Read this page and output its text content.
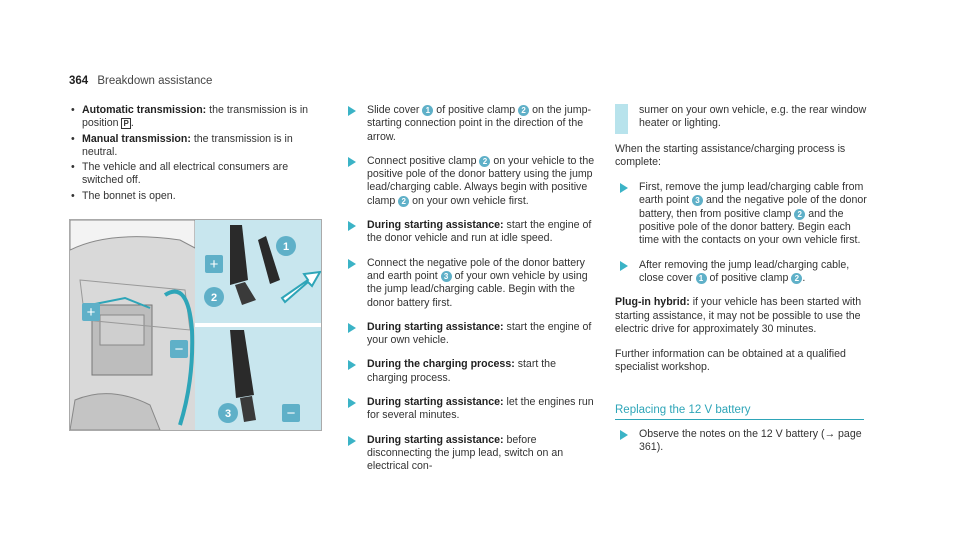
364 Breakdown assistance
• Automatic transmission: the transmission is in position P .
• Manual transmission: the transmission is in neutral.
• The vehicle and all electrical consumers are switched off.
• The bonnet is open.
+
−
1
+
2
3	−
Slide cover 1 of positive clamp 2 on the jump-starting connection point in the direction of the arrow.
Connect positive clamp 2 on your vehicle to the positive pole of the donor battery using the jump lead/charging cable. Always begin with positive clamp 2 on your own vehicle first.
During starting assistance: start the engine of the donor vehicle and run at idle speed.
Connect the negative pole of the donor battery and earth point 3 of your own vehicle by using the jump lead/charging cable. Begin with the donor battery first.
During starting assistance: start the engine of your own vehicle.
During the charging process: start the charging process.
During starting assistance: let the engines run for several minutes.
During starting assistance: before disconnecting the jump lead, switch on an electrical con-
sumer on your own vehicle, e.g. the rear window heater or lighting.
When the starting assistance/charging process is complete:
First, remove the jump lead/charging cable from earth point 3 and the negative pole of the donor battery, then from positive clamp 2 and the positive pole of the donor battery. Begin each time with the contacts on your own vehicle first.
After removing the jump lead/charging cable, close cover 1 of positive clamp 2 .
Plug-in hybrid: if your vehicle has been started with starting assistance, it may not be possible to use the electric drive for approximately 30 minutes.
Further information can be obtained at a qualified specialist workshop.
Replacing the 12 V battery
Observe the notes on the 12 V battery (→ page 361).
